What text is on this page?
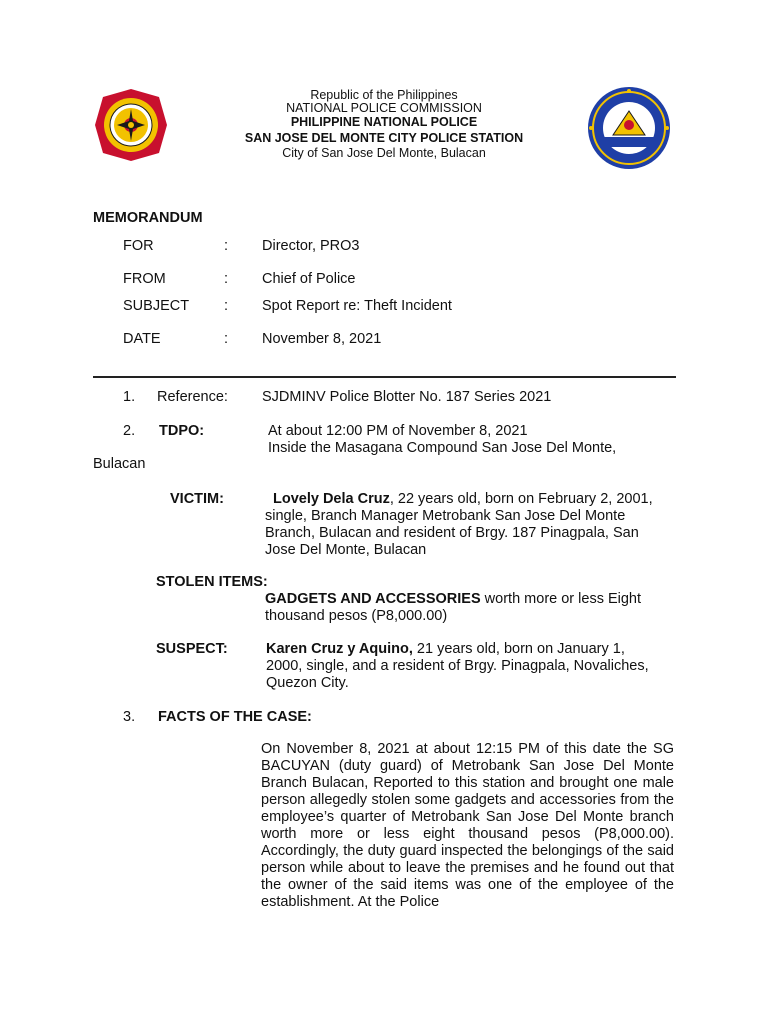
Republic of the Philippines
NATIONAL POLICE COMMISSION
PHILIPPINE NATIONAL POLICE
SAN JOSE DEL MONTE CITY POLICE STATION
City of San Jose Del Monte, Bulacan
MEMORANDUM
FOR	: Director, PRO3
FROM	: Chief of Police
SUBJECT : Spot Report re: Theft Incident
DATE	: November 8, 2021
1. Reference: SJDMINV Police Blotter No. 187 Series 2021
2. TDPO:	At about 12:00 PM of November 8, 2021
Inside the Masagana Compound San Jose Del Monte,
Bulacan
VICTIM:	Lovely Dela Cruz, 22 years old, born on February 2, 2001,
single, Branch Manager Metrobank San Jose Del Monte
Branch, Bulacan and resident of Brgy. 187 Pinagpala, San
Jose Del Monte, Bulacan
STOLEN ITEMS:
GADGETS AND ACCESSORIES worth more or less Eight
thousand pesos (P8,000.00)
SUSPECT:	Karen Cruz y Aquino, 21 years old, born on January 1,
2000, single, and a resident of Brgy. Pinagpala, Novaliches,
Quezon City.
3. FACTS OF THE CASE:
On November 8, 2021 at about 12:15 PM of this date the SG BACUYAN (duty guard) of Metrobank San Jose Del Monte Branch Bulacan, Reported to this station and brought one male person allegedly stolen some gadgets and accessories from the employee’s quarter of Metrobank San Jose Del Monte branch worth more or less eight thousand pesos (P8,000.00). Accordingly, the duty guard inspected the belongings of the said person while about to leave the premises and he found out that the owner of the said items was one of the employee of the establishment. At the Police
